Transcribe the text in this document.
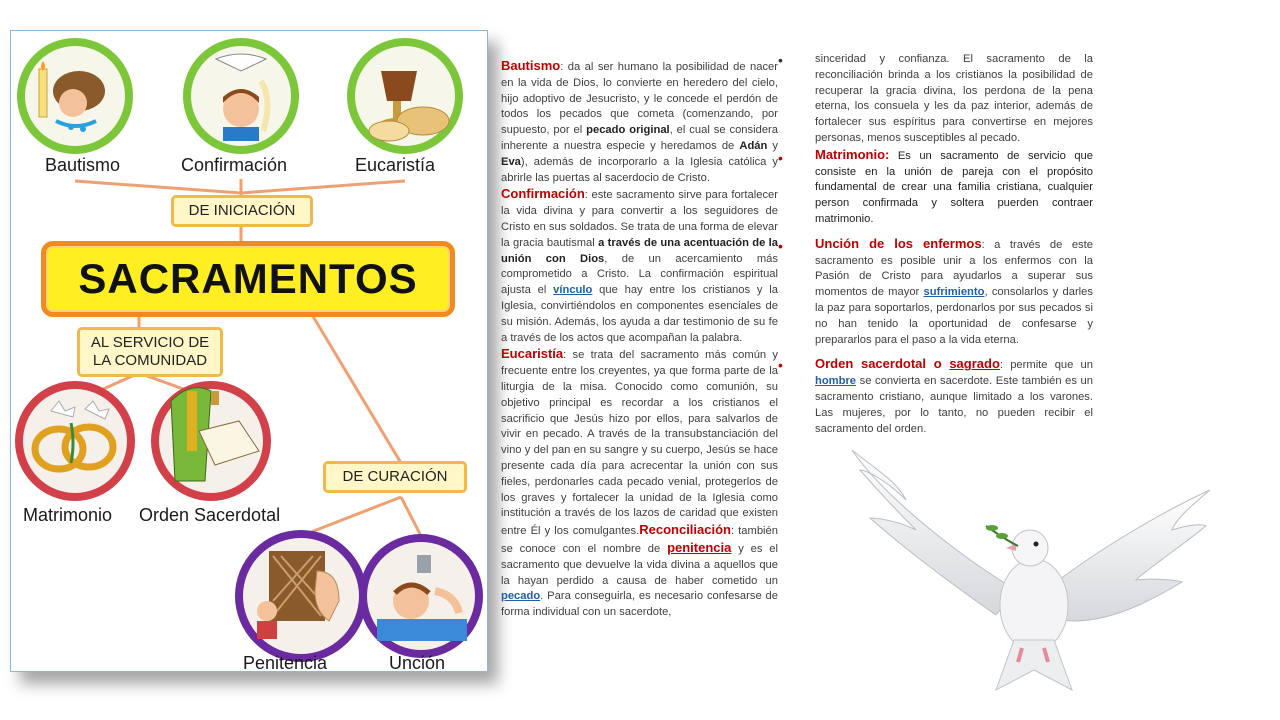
Bautismo	Confirmación	Eucaristía
DE INICIACIÓN
SACRAMENTOS
AL SERVICIO DE LA COMUNIDAD
Matrimonio Orden Sacerdotal
DE CURACIÓN
Penitencia	Unción

Bautismo: da al ser humano la posibilidad de nacer en la vida de Dios, lo convierte en heredero del cielo, hijo adoptivo de Jesucristo, y le concede el perdón de todos los pecados que cometa (comenzando, por supuesto, por el pecado original, el cual se considera inherente a nuestra especie y heredamos de Adán y Eva), además de incorporarlo a la Iglesia católica y abrirle las puertas al sacerdocio de Cristo.

Confirmación: este sacramento sirve para fortalecer la vida divina y para convertir a los seguidores de Cristo en sus soldados. Se trata de una forma de elevar la gracia bautismal a través de una acentuación de la unión con Dios, de un acercamiento más comprometido a Cristo. La confirmación espiritual ajusta el vínculo que hay entre los cristianos y la Iglesia, convirtiéndolos en componentes esenciales de su misión. Además, los ayuda a dar testimonio de su fe a través de los actos que acompañan la palabra.

Eucaristía: se trata del sacramento más común y frecuente entre los creyentes, ya que forma parte de la liturgia de la misa. Conocido como comunión, su objetivo principal es recordar a los cristianos el sacrificio que Jesús hizo por ellos, para salvarlos de vivir en pecado. A través de la transubstanciación del vino y del pan en su sangre y su cuerpo, Jesús se hace presente cada día para acrecentar la unión con sus fieles, perdonarles cada pecado venial, protegerlos de los graves y fortalecer la unidad de la Iglesia como institución a través de los lazos de caridad que existen entre Él y los comulgantes.Reconciliación: también se conoce con el nombre de penitencia y es el sacramento que devuelve la vida divina a aquellos que la hayan perdido a causa de haber cometido un pecado. Para conseguirla, es necesario confesarse de forma individual con un sacerdote,

•
•
•
•

sinceridad y confianza. El sacramento de la reconciliación brinda a los cristianos la posibilidad de recuperar la gracia divina, los perdona de la pena eterna, los consuela y les da paz interior, además de fortalecer sus espíritus para convertirse en mejores personas, menos susceptibles al pecado.

Matrimonio: Es un sacramento de servicio que consiste en la unión de pareja con el propósito fundamental de crear una familia cristiana, cualquier person confirmada y soltera puerden contraer matrimonio.

Unción de los enfermos: a través de este sacramento es posible unir a los enfermos con la Pasión de Cristo para ayudarlos a superar sus momentos de mayor sufrimiento, consolarlos y darles la paz para soportarlos, perdonarlos por sus pecados si no han tenido la oportunidad de confesarse y prepararlos para el paso a la vida eterna.

Orden sacerdotal o sagrado: permite que un hombre se convierta en sacerdote. Este también es un sacramento cristiano, aunque limitado a los varones. Las mujeres, por lo tanto, no pueden recibir el sacramento del orden.
